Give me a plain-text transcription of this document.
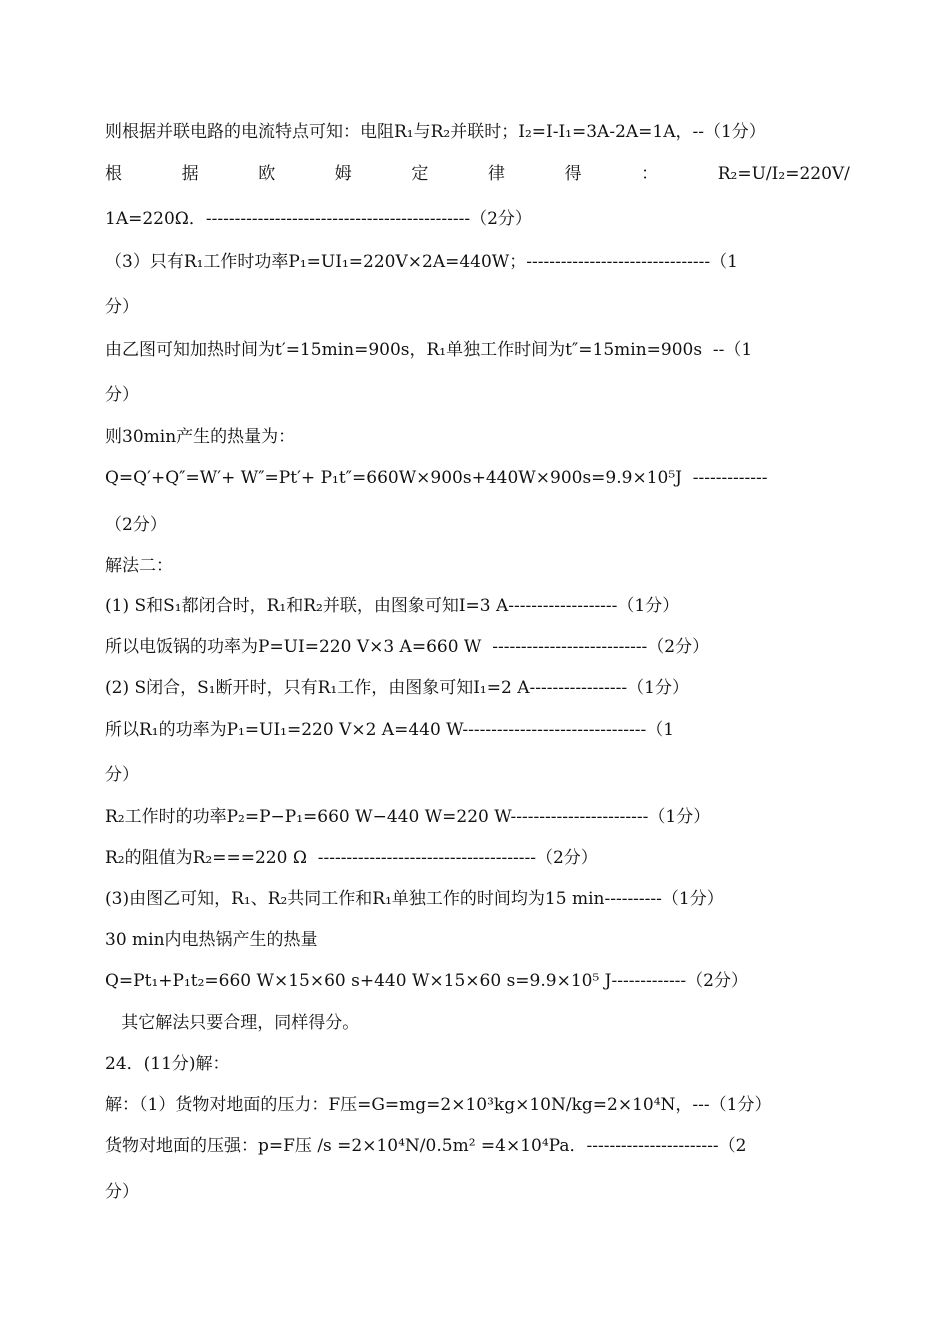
则根据并联电路的电流特点可知：电阻R₁与R₂并联时；I₂=I-I₁=3A-2A=1A，--（1分）
根	据	欧	姆	定	律	得	：	R₂=U/I₂=220V/
1A=220Ω．----------------------------------------------（2分）
（3）只有R₁工作时功率P₁=UI₁=220V×2A=440W；--------------------------------（1
分）
由乙图可知加热时间为t′=15min=900s，R₁单独工作时间为t″=15min=900s  --（1
分）
则30min产生的热量为：
Q=Q′+Q″=W′+ W″=Pt′+ P₁t″=660W×900s+440W×900s=9.9×10⁵J  -------------
（2分）
解法二：
(1) S和S₁都闭合时，R₁和R₂并联，由图象可知I=3 A-------------------（1分）
所以电饭锅的功率为P=UI=220 V×3 A=660 W  ---------------------------（2分）
(2) S闭合，S₁断开时，只有R₁工作，由图象可知I₁=2 A-----------------（1分）
所以R₁的功率为P₁=UI₁=220 V×2 A=440 W--------------------------------（1
分）
R₂工作时的功率P₂=P−P₁=660 W−440 W=220 W------------------------（1分）
R₂的阻值为R₂===220 Ω  --------------------------------------（2分）
(3)由图乙可知，R₁、R₂共同工作和R₁单独工作的时间均为15 min----------（1分）
30 min内电热锅产生的热量
Q=Pt₁+P₁t₂=660 W×15×60 s+440 W×15×60 s=9.9×10⁵ J-------------（2分）
其它解法只要合理，同样得分。
24．(11分)解：
解：（1）货物对地面的压力：F压=G=mg=2×10³kg×10N/kg=2×10⁴N，---（1分）
货物对地面的压强：p=F压 /s =2×10⁴N/0.5m² =4×10⁴Pa．-----------------------（2
分）
